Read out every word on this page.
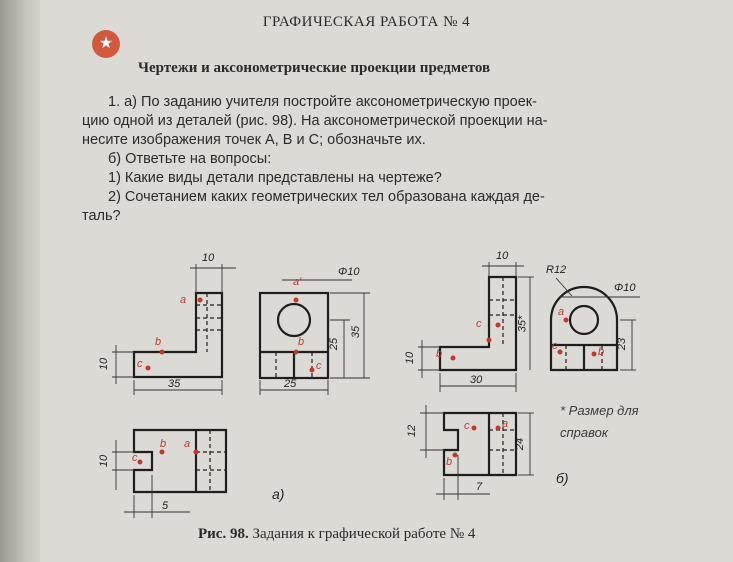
★
ГРАФИЧЕСКАЯ РАБОТА № 4
Чертежи и аксонометрические проекции предметов

1. а) По заданию учителя постройте аксонометрическую проек-

цию одной из деталей (рис. 98). На аксонометрической проекции на-

несите изображения точек A, B и C; обозначьте их.

б) Ответьте на вопросы:

1) Какие виды детали представлены на чертеже?

2) Сочетанием каких геометрических тел образована каждая де-

таль?

10
35
10
25
25
35
Φ10
10
5
a
b
c
a'
b
c
b a
c
а)
10
R12
Φ10
35*
10
30
23
12
24
7
c
b
a
c	b
c	a
b
б)
* Размер для
справок
Рис. 98. Задания к графической работе № 4
